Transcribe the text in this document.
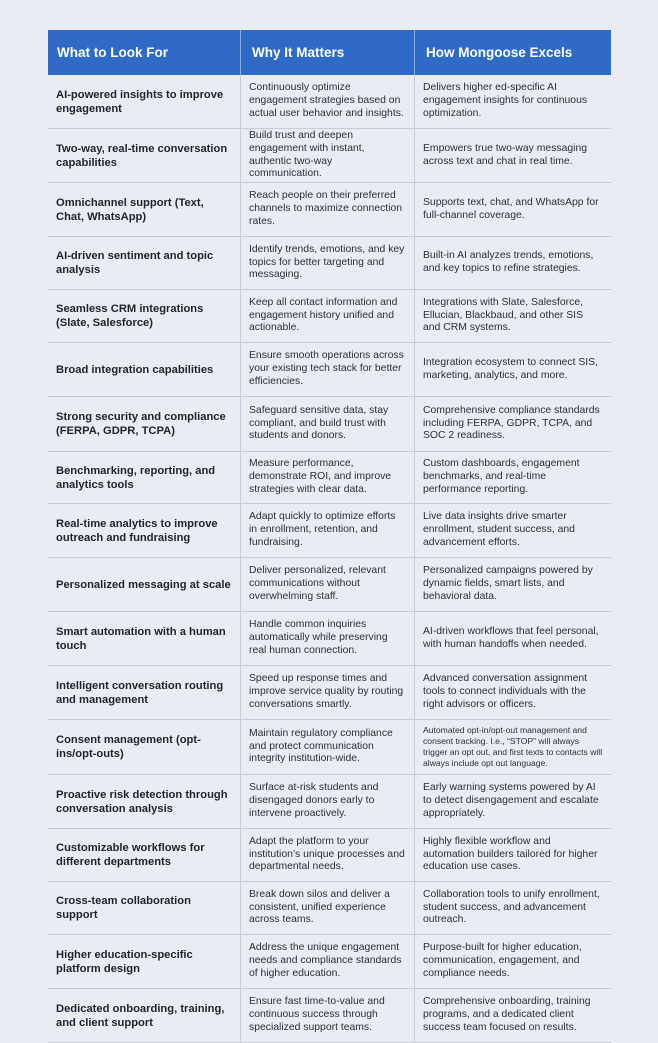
What to Look For	Why It Matters	How Mongoose Excels
AI-powered insights to improve engagement
Continuously optimize engagement strategies based on actual user behavior and insights.
Delivers higher ed-specific AI engagement insights for continuous optimization.
Two-way, real-time conversation capabilities
Build trust and deepen engagement with instant, authentic two-way communication.
Empowers true two-way messaging across text and chat in real time.
Omnichannel support (Text, Chat, WhatsApp)
Reach people on their preferred channels to maximize connection rates.
Supports text, chat, and WhatsApp for full-channel coverage.
AI-driven sentiment and topic analysis
Identify trends, emotions, and key topics for better targeting and messaging.
Built-in AI analyzes trends, emotions, and key topics to refine strategies.
Seamless CRM integrations (Slate, Salesforce)
Keep all contact information and engagement history unified and actionable.
Integrations with Slate, Salesforce, Ellucian, Blackbaud, and other SIS and CRM systems.
Broad integration capabilities
Ensure smooth operations across your existing tech stack for better efficiencies.
Integration ecosystem to connect SIS, marketing, analytics, and more.
Strong security and compliance (FERPA, GDPR, TCPA)
Safeguard sensitive data, stay compliant, and build trust with students and donors.
Comprehensive compliance standards including FERPA, GDPR, TCPA, and SOC 2 readiness.
Benchmarking, reporting, and analytics tools
Measure performance, demonstrate ROI, and improve strategies with clear data.
Custom dashboards, engagement benchmarks, and real-time performance reporting.
Real-time analytics to improve outreach and fundraising
Adapt quickly to optimize efforts in enrollment, retention, and fundraising.
Live data insights drive smarter enrollment, student success, and advancement efforts.
Personalized messaging at scale
Deliver personalized, relevant communications without overwhelming staff.
Personalized campaigns powered by dynamic fields, smart lists, and behavioral data.
Smart automation with a human touch
Handle common inquiries automatically while preserving real human connection.
AI-driven workflows that feel personal, with human handoffs when needed.
Intelligent conversation routing and management
Speed up response times and improve service quality by routing conversations smartly.
Advanced conversation assignment tools to connect individuals with the right advisors or officers.
Consent management (opt-ins/opt-outs)
Maintain regulatory compliance and protect communication integrity institution-wide.
Automated opt-in/opt-out management and consent tracking. I.e., “STOP” will always trigger an opt out, and first texts to contacts will always include opt out language.
Proactive risk detection through conversation analysis
Surface at-risk students and disengaged donors early to intervene proactively.
Early warning systems powered by AI to detect disengagement and escalate appropriately.
Customizable workflows for different departments
Adapt the platform to your institution’s unique processes and departmental needs.
Highly flexible workflow and automation builders tailored for higher education use cases.
Cross-team collaboration support
Break down silos and deliver a consistent, unified experience across teams.
Collaboration tools to unify enrollment, student success, and advancement outreach.
Higher education-specific platform design
Address the unique engagement needs and compliance standards of higher education.
Purpose-built for higher education, communication, engagement, and compliance needs.
Dedicated onboarding, training, and client support
Ensure fast time-to-value and continuous success through specialized support teams.
Comprehensive onboarding, training programs, and a dedicated client success team focused on results.
